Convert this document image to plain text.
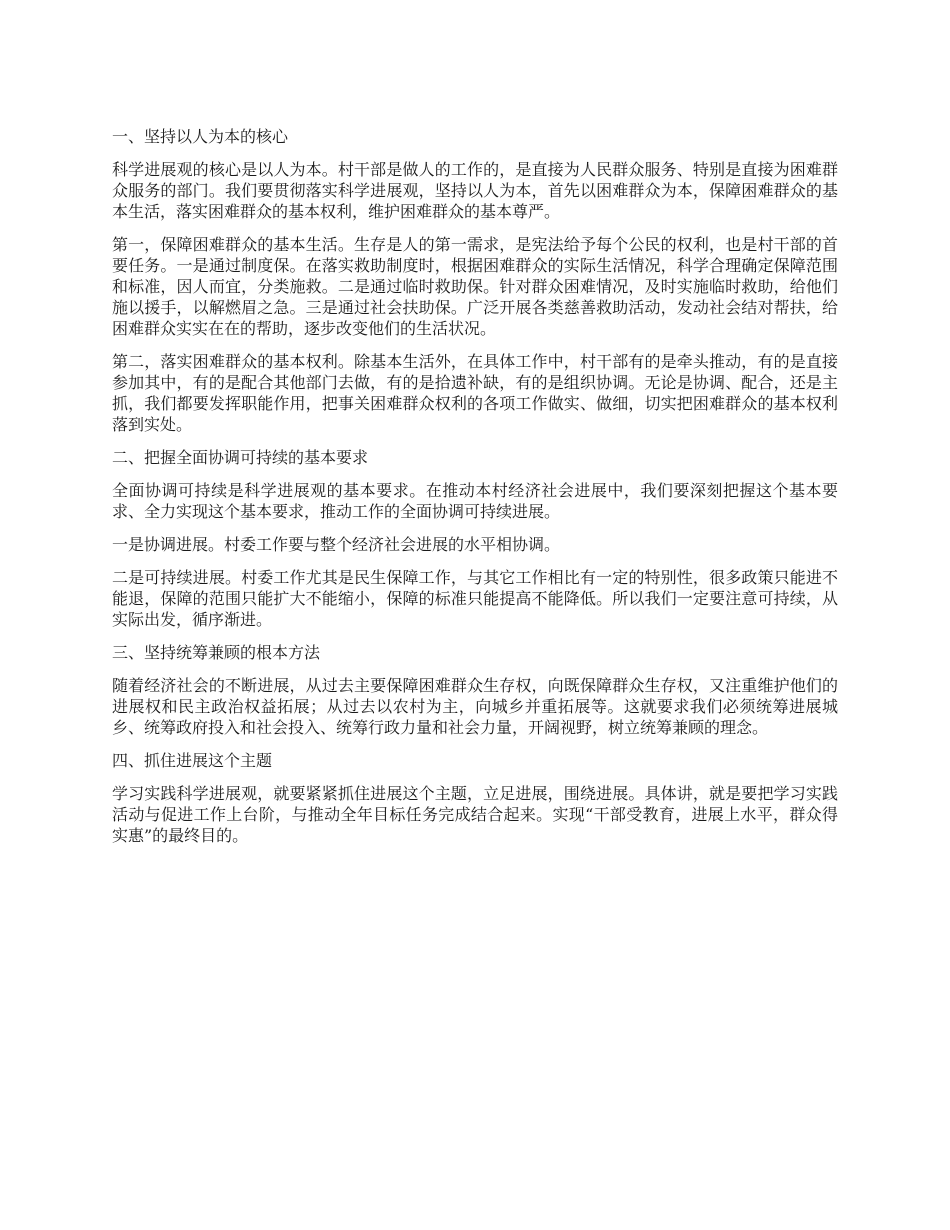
一、坚持以人为本的核心

科学进展观的核心是以人为本。村干部是做人的工作的，是直接为人民群众服务、特别是直接为困难群众服务的部门。我们要贯彻落实科学进展观，坚持以人为本，首先以困难群众为本，保障困难群众的基本生活，落实困难群众的基本权利，维护困难群众的基本尊严。

第一，保障困难群众的基本生活。生存是人的第一需求，是宪法给予每个公民的权利，也是村干部的首要任务。一是通过制度保。在落实救助制度时，根据困难群众的实际生活情况，科学合理确定保障范围和标准，因人而宜，分类施救。二是通过临时救助保。针对群众困难情况，及时实施临时救助，给他们施以援手，以解燃眉之急。三是通过社会扶助保。广泛开展各类慈善救助活动，发动社会结对帮扶，给困难群众实实在在的帮助，逐步改变他们的生活状况。

第二，落实困难群众的基本权利。除基本生活外，在具体工作中，村干部有的是牵头推动，有的是直接参加其中，有的是配合其他部门去做，有的是拾遗补缺，有的是组织协调。无论是协调、配合，还是主抓，我们都要发挥职能作用，把事关困难群众权利的各项工作做实、做细，切实把困难群众的基本权利落到实处。

二、把握全面协调可持续的基本要求

全面协调可持续是科学进展观的基本要求。在推动本村经济社会进展中，我们要深刻把握这个基本要求、全力实现这个基本要求，推动工作的全面协调可持续进展。

一是协调进展。村委工作要与整个经济社会进展的水平相协调。

二是可持续进展。村委工作尤其是民生保障工作，与其它工作相比有一定的特别性，很多政策只能进不能退，保障的范围只能扩大不能缩小，保障的标准只能提高不能降低。所以我们一定要注意可持续，从实际出发，循序渐进。

三、坚持统筹兼顾的根本方法

随着经济社会的不断进展，从过去主要保障困难群众生存权，向既保障群众生存权，又注重维护他们的进展权和民主政治权益拓展；从过去以农村为主，向城乡并重拓展等。这就要求我们必须统筹进展城乡、统筹政府投入和社会投入、统筹行政力量和社会力量，开阔视野，树立统筹兼顾的理念。

四、抓住进展这个主题

学习实践科学进展观，就要紧紧抓住进展这个主题，立足进展，围绕进展。具体讲，就是要把学习实践活动与促进工作上台阶，与推动全年目标任务完成结合起来。实现“干部受教育，进展上水平，群众得实惠”的最终目的。
